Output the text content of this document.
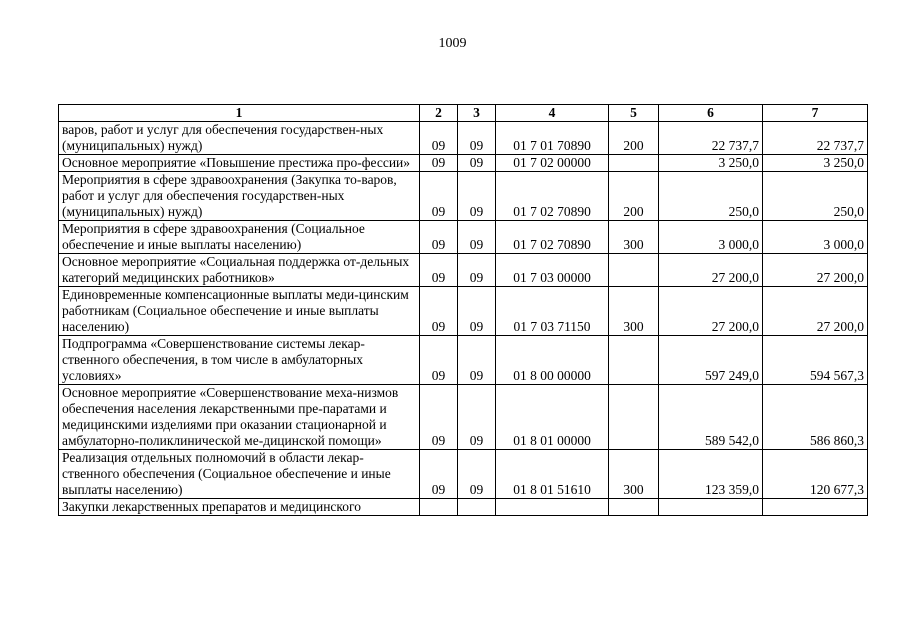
1009
1	2	3	4	5	6	7
варов, работ и услуг для обеспечения государствен-ных (муниципальных) нужд)	09	09	01 7 01 70890	200	22 737,7	22 737,7
Основное мероприятие «Повышение престижа про-фессии»	09	09	01 7 02 00000		3 250,0	3 250,0
Мероприятия в сфере здравоохранения (Закупка то-варов, работ и услуг для обеспечения государствен-ных (муниципальных) нужд)	09	09	01 7 02 70890	200	250,0	250,0
Мероприятия в сфере здравоохранения (Социальное обеспечение и иные выплаты населению)	09	09	01 7 02 70890	300	3 000,0	3 000,0
Основное мероприятие «Социальная поддержка от-дельных категорий медицинских работников»	09	09	01 7 03 00000		27 200,0	27 200,0
Единовременные компенсационные выплаты меди-цинским работникам (Социальное обеспечение и иные выплаты населению)	09	09	01 7 03 71150	300	27 200,0	27 200,0
Подпрограмма «Совершенствование системы лекар-ственного обеспечения, в том числе в амбулаторных условиях»	09	09	01 8 00 00000		597 249,0	594 567,3
Основное мероприятие «Совершенствование меха-низмов обеспечения населения лекарственными пре-паратами и медицинскими изделиями при оказании стационарной и амбулаторно-поликлинической ме-дицинской помощи»	09	09	01 8 01 00000		589 542,0	586 860,3
Реализация отдельных полномочий в области лекар-ственного обеспечения (Социальное обеспечение и иные выплаты населению)	09	09	01 8 01 51610	300	123 359,0	120 677,3
Закупки лекарственных препаратов и медицинского						
